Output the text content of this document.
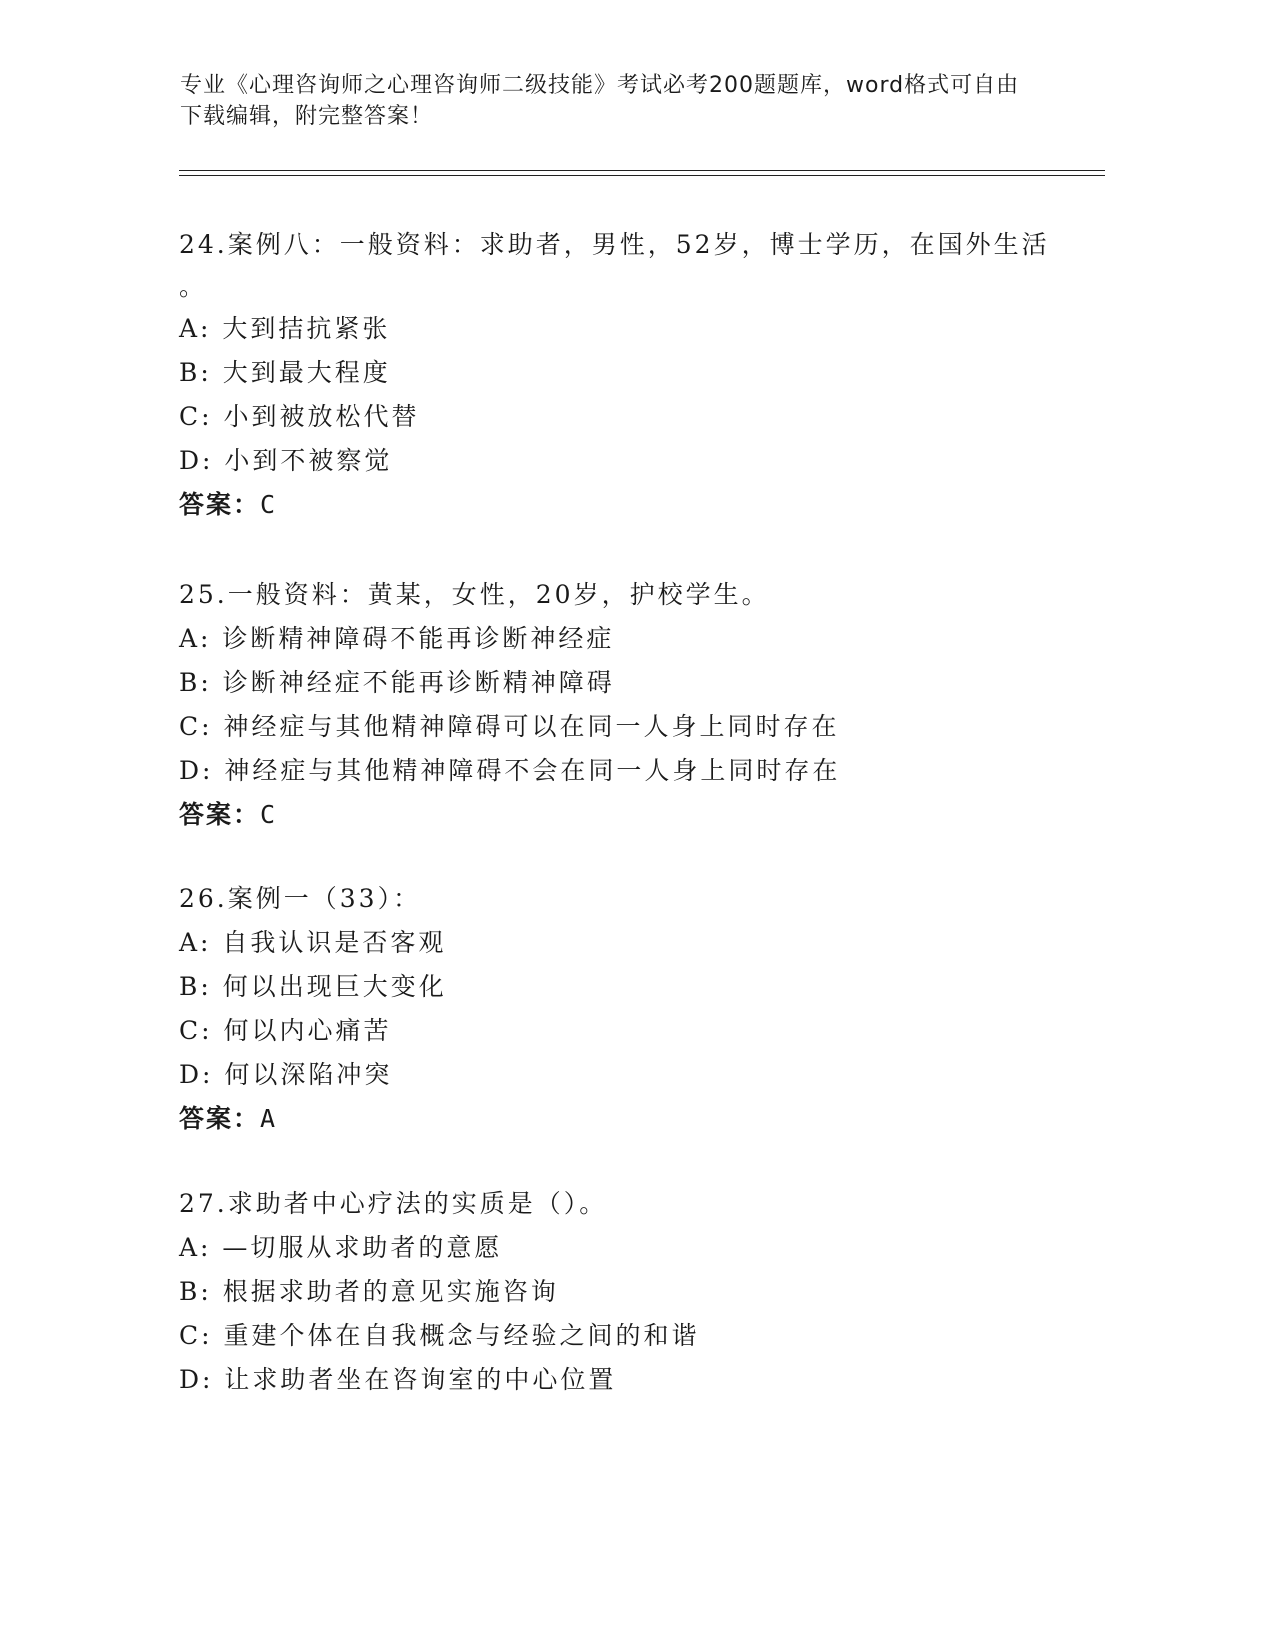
专业《心理咨询师之心理咨询师二级技能》考试必考200题题库，word格式可自由下载编辑，附完整答案！
24.案例八：一般资料：求助者，男性，52岁，博士学历，在国外生活
。
A: 大到拮抗紧张
B: 大到最大程度
C: 小到被放松代替
D: 小到不被察觉
答案：C
25.一般资料：黄某，女性，20岁，护校学生。
A: 诊断精神障碍不能再诊断神经症
B: 诊断神经症不能再诊断精神障碍
C: 神经症与其他精神障碍可以在同一人身上同时存在
D: 神经症与其他精神障碍不会在同一人身上同时存在
答案：C
26.案例一（33）：
A: 自我认识是否客观
B: 何以出现巨大变化
C: 何以内心痛苦
D: 何以深陷冲突
答案：A
27.求助者中心疗法的实质是（）。
A: —切服从求助者的意愿
B: 根据求助者的意见实施咨询
C: 重建个体在自我概念与经验之间的和谐
D: 让求助者坐在咨询室的中心位置
